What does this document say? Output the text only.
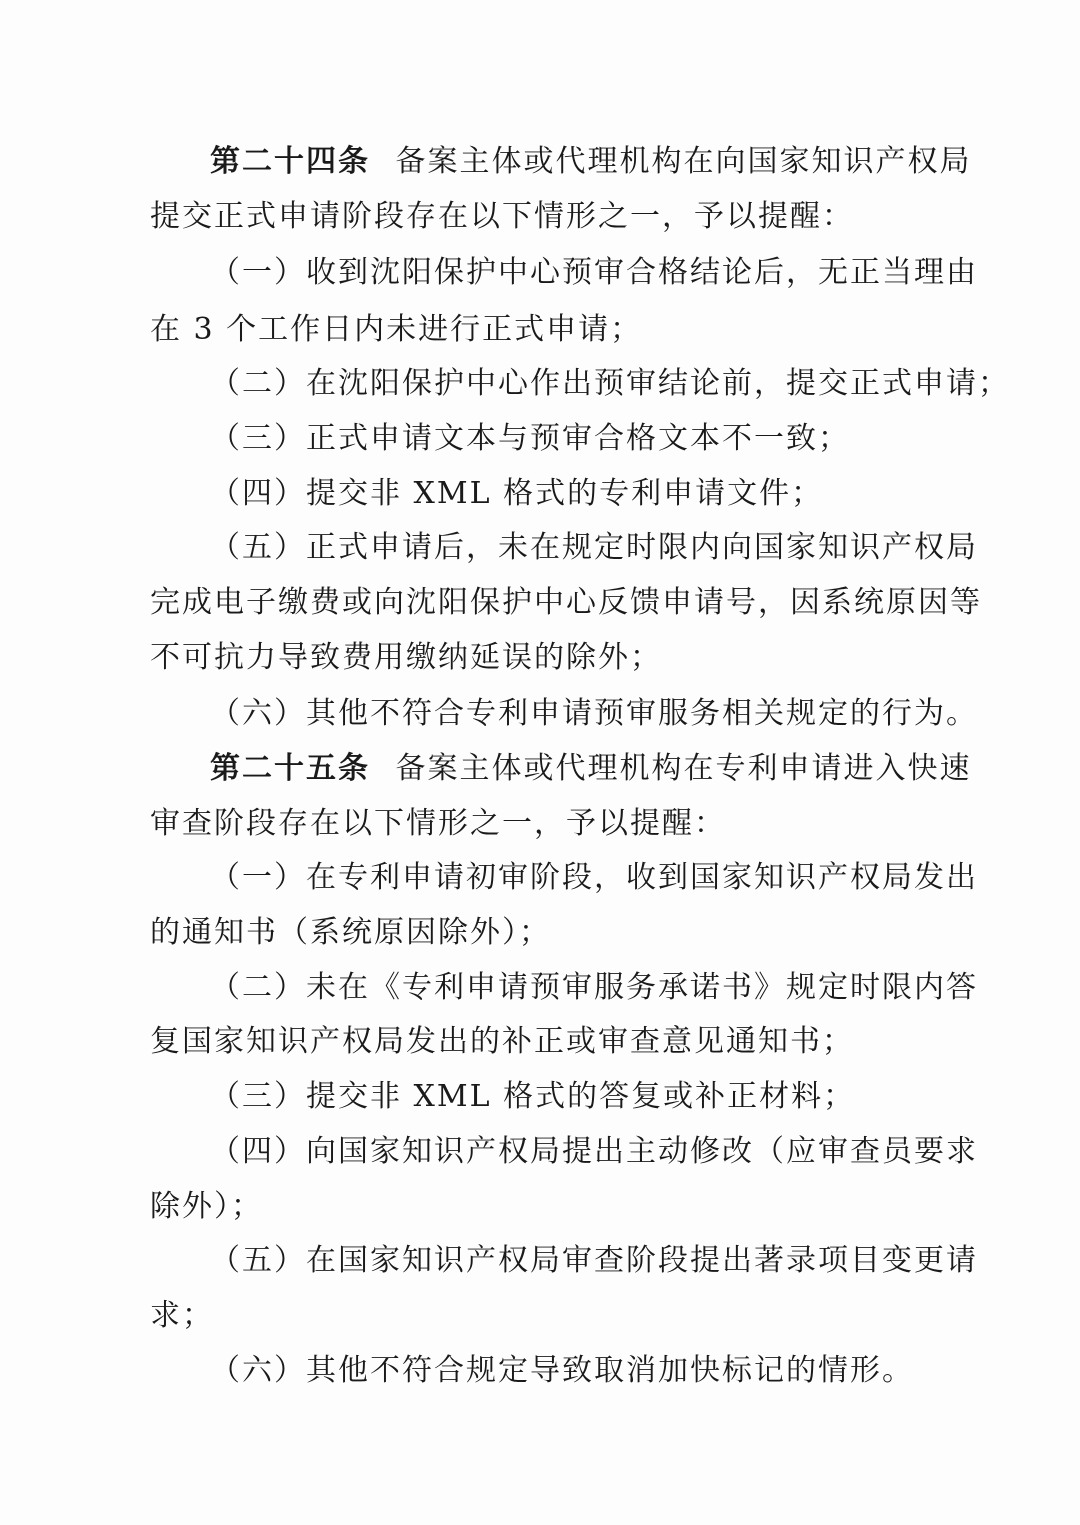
第二十四条 备案主体或代理机构在向国家知识产权局
提交正式申请阶段存在以下情形之一，予以提醒：
（一）收到沈阳保护中心预审合格结论后，无正当理由
在 3 个工作日内未进行正式申请；
（二）在沈阳保护中心作出预审结论前，提交正式申请；
（三）正式申请文本与预审合格文本不一致；
（四）提交非 XML 格式的专利申请文件；
（五）正式申请后，未在规定时限内向国家知识产权局
完成电子缴费或向沈阳保护中心反馈申请号，因系统原因等
不可抗力导致费用缴纳延误的除外；
（六）其他不符合专利申请预审服务相关规定的行为。
第二十五条 备案主体或代理机构在专利申请进入快速
审查阶段存在以下情形之一，予以提醒：
（一）在专利申请初审阶段，收到国家知识产权局发出
的通知书（系统原因除外）；
（二）未在《专利申请预审服务承诺书》规定时限内答
复国家知识产权局发出的补正或审查意见通知书；
（三）提交非 XML 格式的答复或补正材料；
（四）向国家知识产权局提出主动修改（应审查员要求
除外）；
（五）在国家知识产权局审查阶段提出著录项目变更请
求；
（六）其他不符合规定导致取消加快标记的情形。
